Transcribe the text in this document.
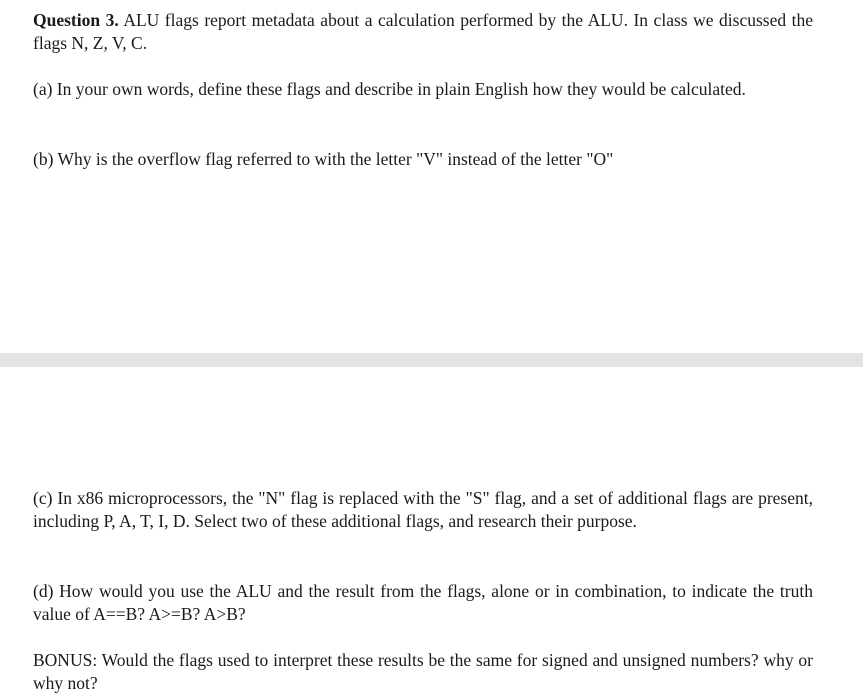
Question 3. ALU flags report metadata about a calculation performed by the ALU. In class we discussed the flags N, Z, V, C.

(a) In your own words, define these flags and describe in plain English how they would be calculated.

(b) Why is the overflow flag referred to with the letter "V" instead of the letter "O"

(c) In x86 microprocessors, the "N" flag is replaced with the "S" flag, and a set of additional flags are present, including P, A, T, I, D. Select two of these additional flags, and research their purpose.

(d) How would you use the ALU and the result from the flags, alone or in combination, to indicate the truth value of A==B? A>=B? A>B?

BONUS: Would the flags used to interpret these results be the same for signed and unsigned numbers? why or why not?
